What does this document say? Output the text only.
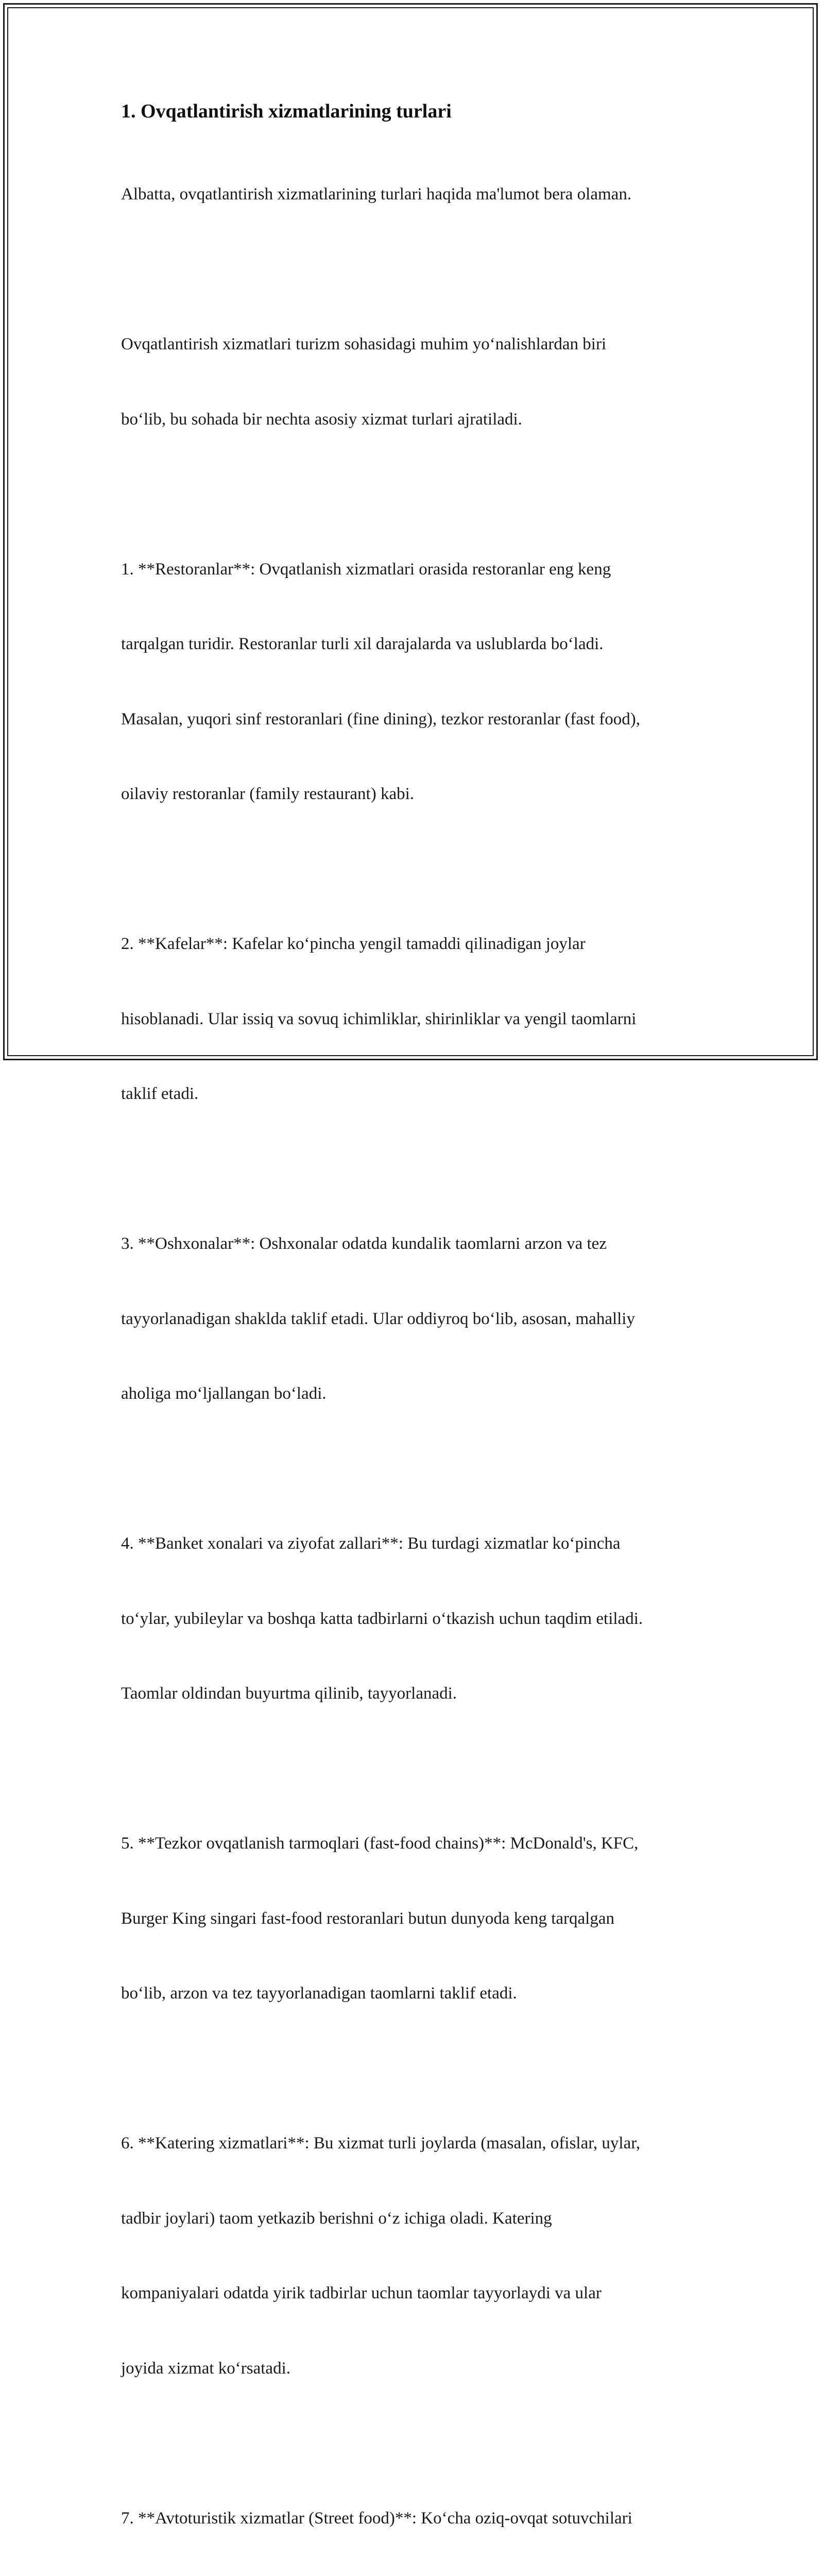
1. Ovqatlantirish xizmatlarining turlari

Albatta, ovqatlantirish xizmatlarining turlari haqida ma'lumot bera olaman.

Ovqatlantirish xizmatlari turizm sohasidagi muhim yo‘nalishlardan biri

bo‘lib, bu sohada bir nechta asosiy xizmat turlari ajratiladi.

1. **Restoranlar**: Ovqatlanish xizmatlari orasida restoranlar eng keng

tarqalgan turidir. Restoranlar turli xil darajalarda va uslublarda bo‘ladi.

Masalan, yuqori sinf restoranlari (fine dining), tezkor restoranlar (fast food),

oilaviy restoranlar (family restaurant) kabi.

2. **Kafelar**: Kafelar ko‘pincha yengil tamaddi qilinadigan joylar

hisoblanadi. Ular issiq va sovuq ichimliklar, shirinliklar va yengil taomlarni

taklif etadi.

3. **Oshxonalar**: Oshxonalar odatda kundalik taomlarni arzon va tez

tayyorlanadigan shaklda taklif etadi. Ular oddiyroq bo‘lib, asosan, mahalliy

aholiga mo‘ljallangan bo‘ladi.

4. **Banket xonalari va ziyofat zallari**: Bu turdagi xizmatlar ko‘pincha

to‘ylar, yubileylar va boshqa katta tadbirlarni o‘tkazish uchun taqdim etiladi.

Taomlar oldindan buyurtma qilinib, tayyorlanadi.

5. **Tezkor ovqatlanish tarmoqlari (fast-food chains)**: McDonald's, KFC,

Burger King singari fast-food restoranlari butun dunyoda keng tarqalgan

bo‘lib, arzon va tez tayyorlanadigan taomlarni taklif etadi.

6. **Katering xizmatlari**: Bu xizmat turli joylarda (masalan, ofislar, uylar,

tadbir joylari) taom yetkazib berishni o‘z ichiga oladi. Katering

kompaniyalari odatda yirik tadbirlar uchun taomlar tayyorlaydi va ular

joyida xizmat ko‘rsatadi.

7. **Avtoturistik xizmatlar (Street food)**: Ko‘cha oziq-ovqat sotuvchilari
